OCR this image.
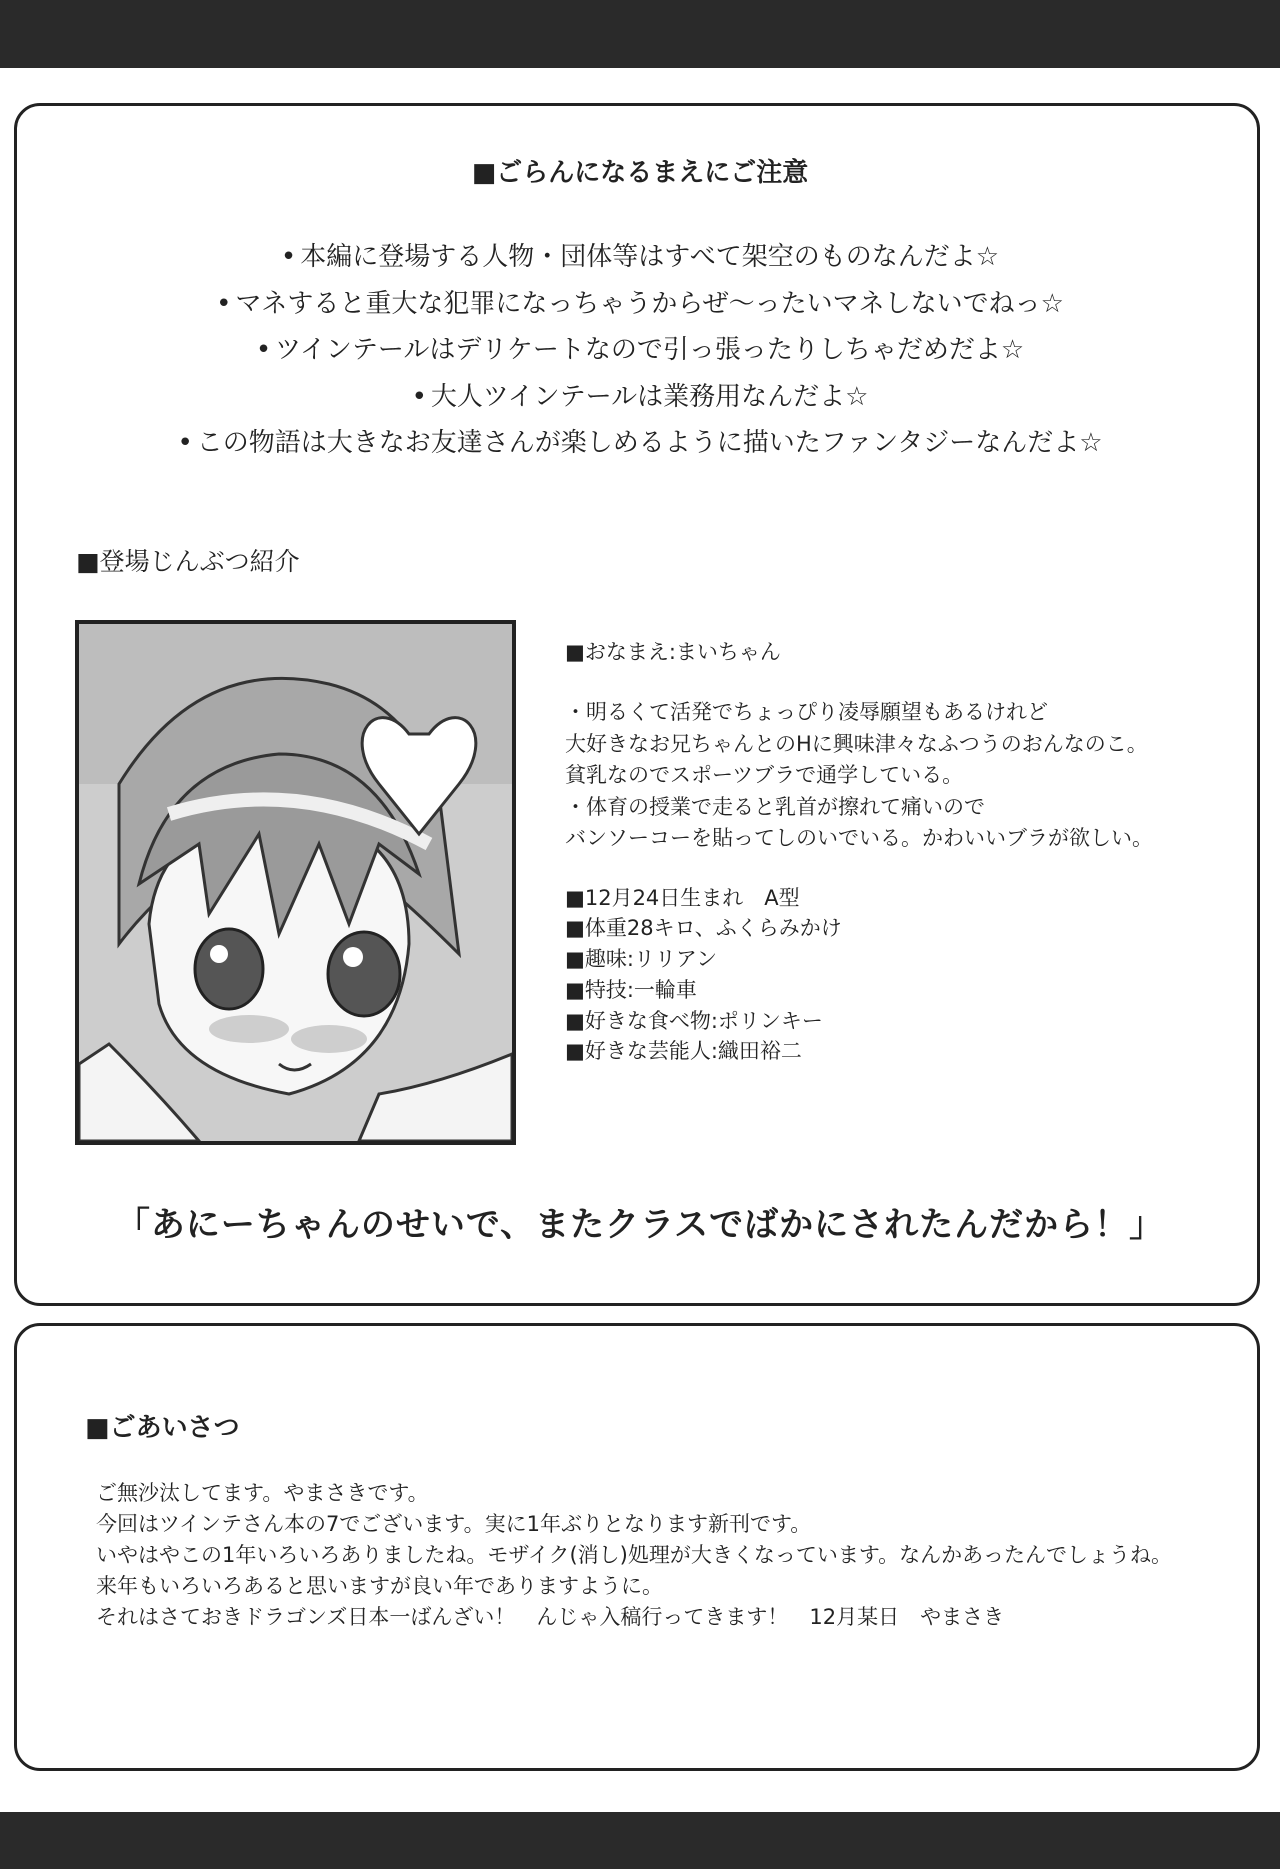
■ごらんになるまえにご注意
• 本編に登場する人物・団体等はすべて架空のものなんだよ☆
• マネすると重大な犯罪になっちゃうからぜ〜ったいマネしないでねっ☆
• ツインテールはデリケートなので引っ張ったりしちゃだめだよ☆
• 大人ツインテールは業務用なんだよ☆
• この物語は大きなお友達さんが楽しめるように描いたファンタジーなんだよ☆
■登場じんぶつ紹介
■おなまえ:まいちゃん
・明るくて活発でちょっぴり凌辱願望もあるけれど
大好きなお兄ちゃんとのHに興味津々なふつうのおんなのこ。
貧乳なのでスポーツブラで通学している。
・体育の授業で走ると乳首が擦れて痛いので
バンソーコーを貼ってしのいでいる。かわいいブラが欲しい。
■12月24日生まれ　A型
■体重28キロ、ふくらみかけ
■趣味:リリアン
■特技:一輪車
■好きな食べ物:ポリンキー
■好きな芸能人:織田裕二
「あにーちゃんのせいで、またクラスでばかにされたんだから！」
■ごあいさつ
ご無沙汰してます。やまさきです。
今回はツインテさん本の7でございます。実に1年ぶりとなります新刊です。
いやはやこの1年いろいろありましたね。モザイク(消し)処理が大きくなっています。なんかあったんでしょうね。
来年もいろいろあると思いますが良い年でありますように。
それはさておきドラゴンズ日本一ばんざい！　んじゃ入稿行ってきます！　12月某日　やまさき
